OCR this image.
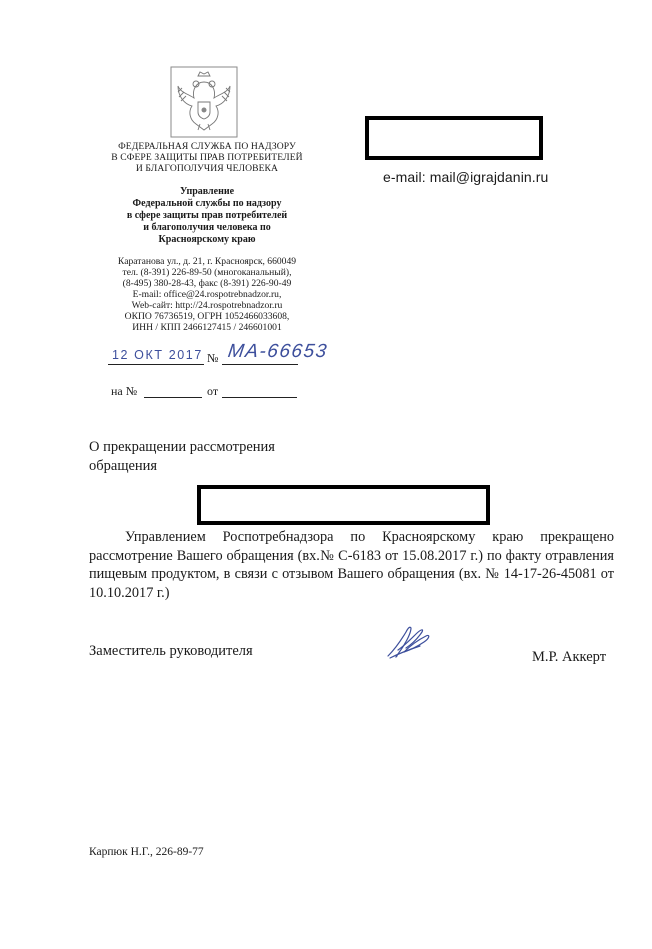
ФЕДЕРАЛЬНАЯ СЛУЖБА ПО НАДЗОРУ
В СФЕРЕ ЗАЩИТЫ ПРАВ ПОТРЕБИТЕЛЕЙ
И БЛАГОПОЛУЧИЯ ЧЕЛОВЕКА
Управление
Федеральной службы по надзору
в сфере защиты прав потребителей
и благополучия человека по
Красноярскому краю
Каратанова ул., д. 21, г. Красноярск, 660049
тел. (8-391) 226-89-50 (многоканальный),
(8-495) 380-28-43, факс (8-391) 226-90-49
E-mail: office@24.rospotrebnadzor.ru,
Web-сайт: http://24.rospotrebnadzor.ru
ОКПО 76736519, ОГРН 1052466033608,
ИНН / КПП 2466127415 / 246601001
e-mail: mail@igrajdanin.ru
12 ОКТ 2017 № МА-66653
на №	от
О прекращении рассмотрения
обращения
Управлением Роспотребнадзора по Красноярскому краю прекращено рассмотрение Вашего обращения (вх.№ С-6183 от 15.08.2017 г.) по факту отравления пищевым продуктом, в связи с отзывом Вашего обращения (вх. № 14-17-26-45081 от 10.10.2017 г.)
Заместитель руководителя	М.Р. Аккерт
Карпюк Н.Г., 226-89-77
